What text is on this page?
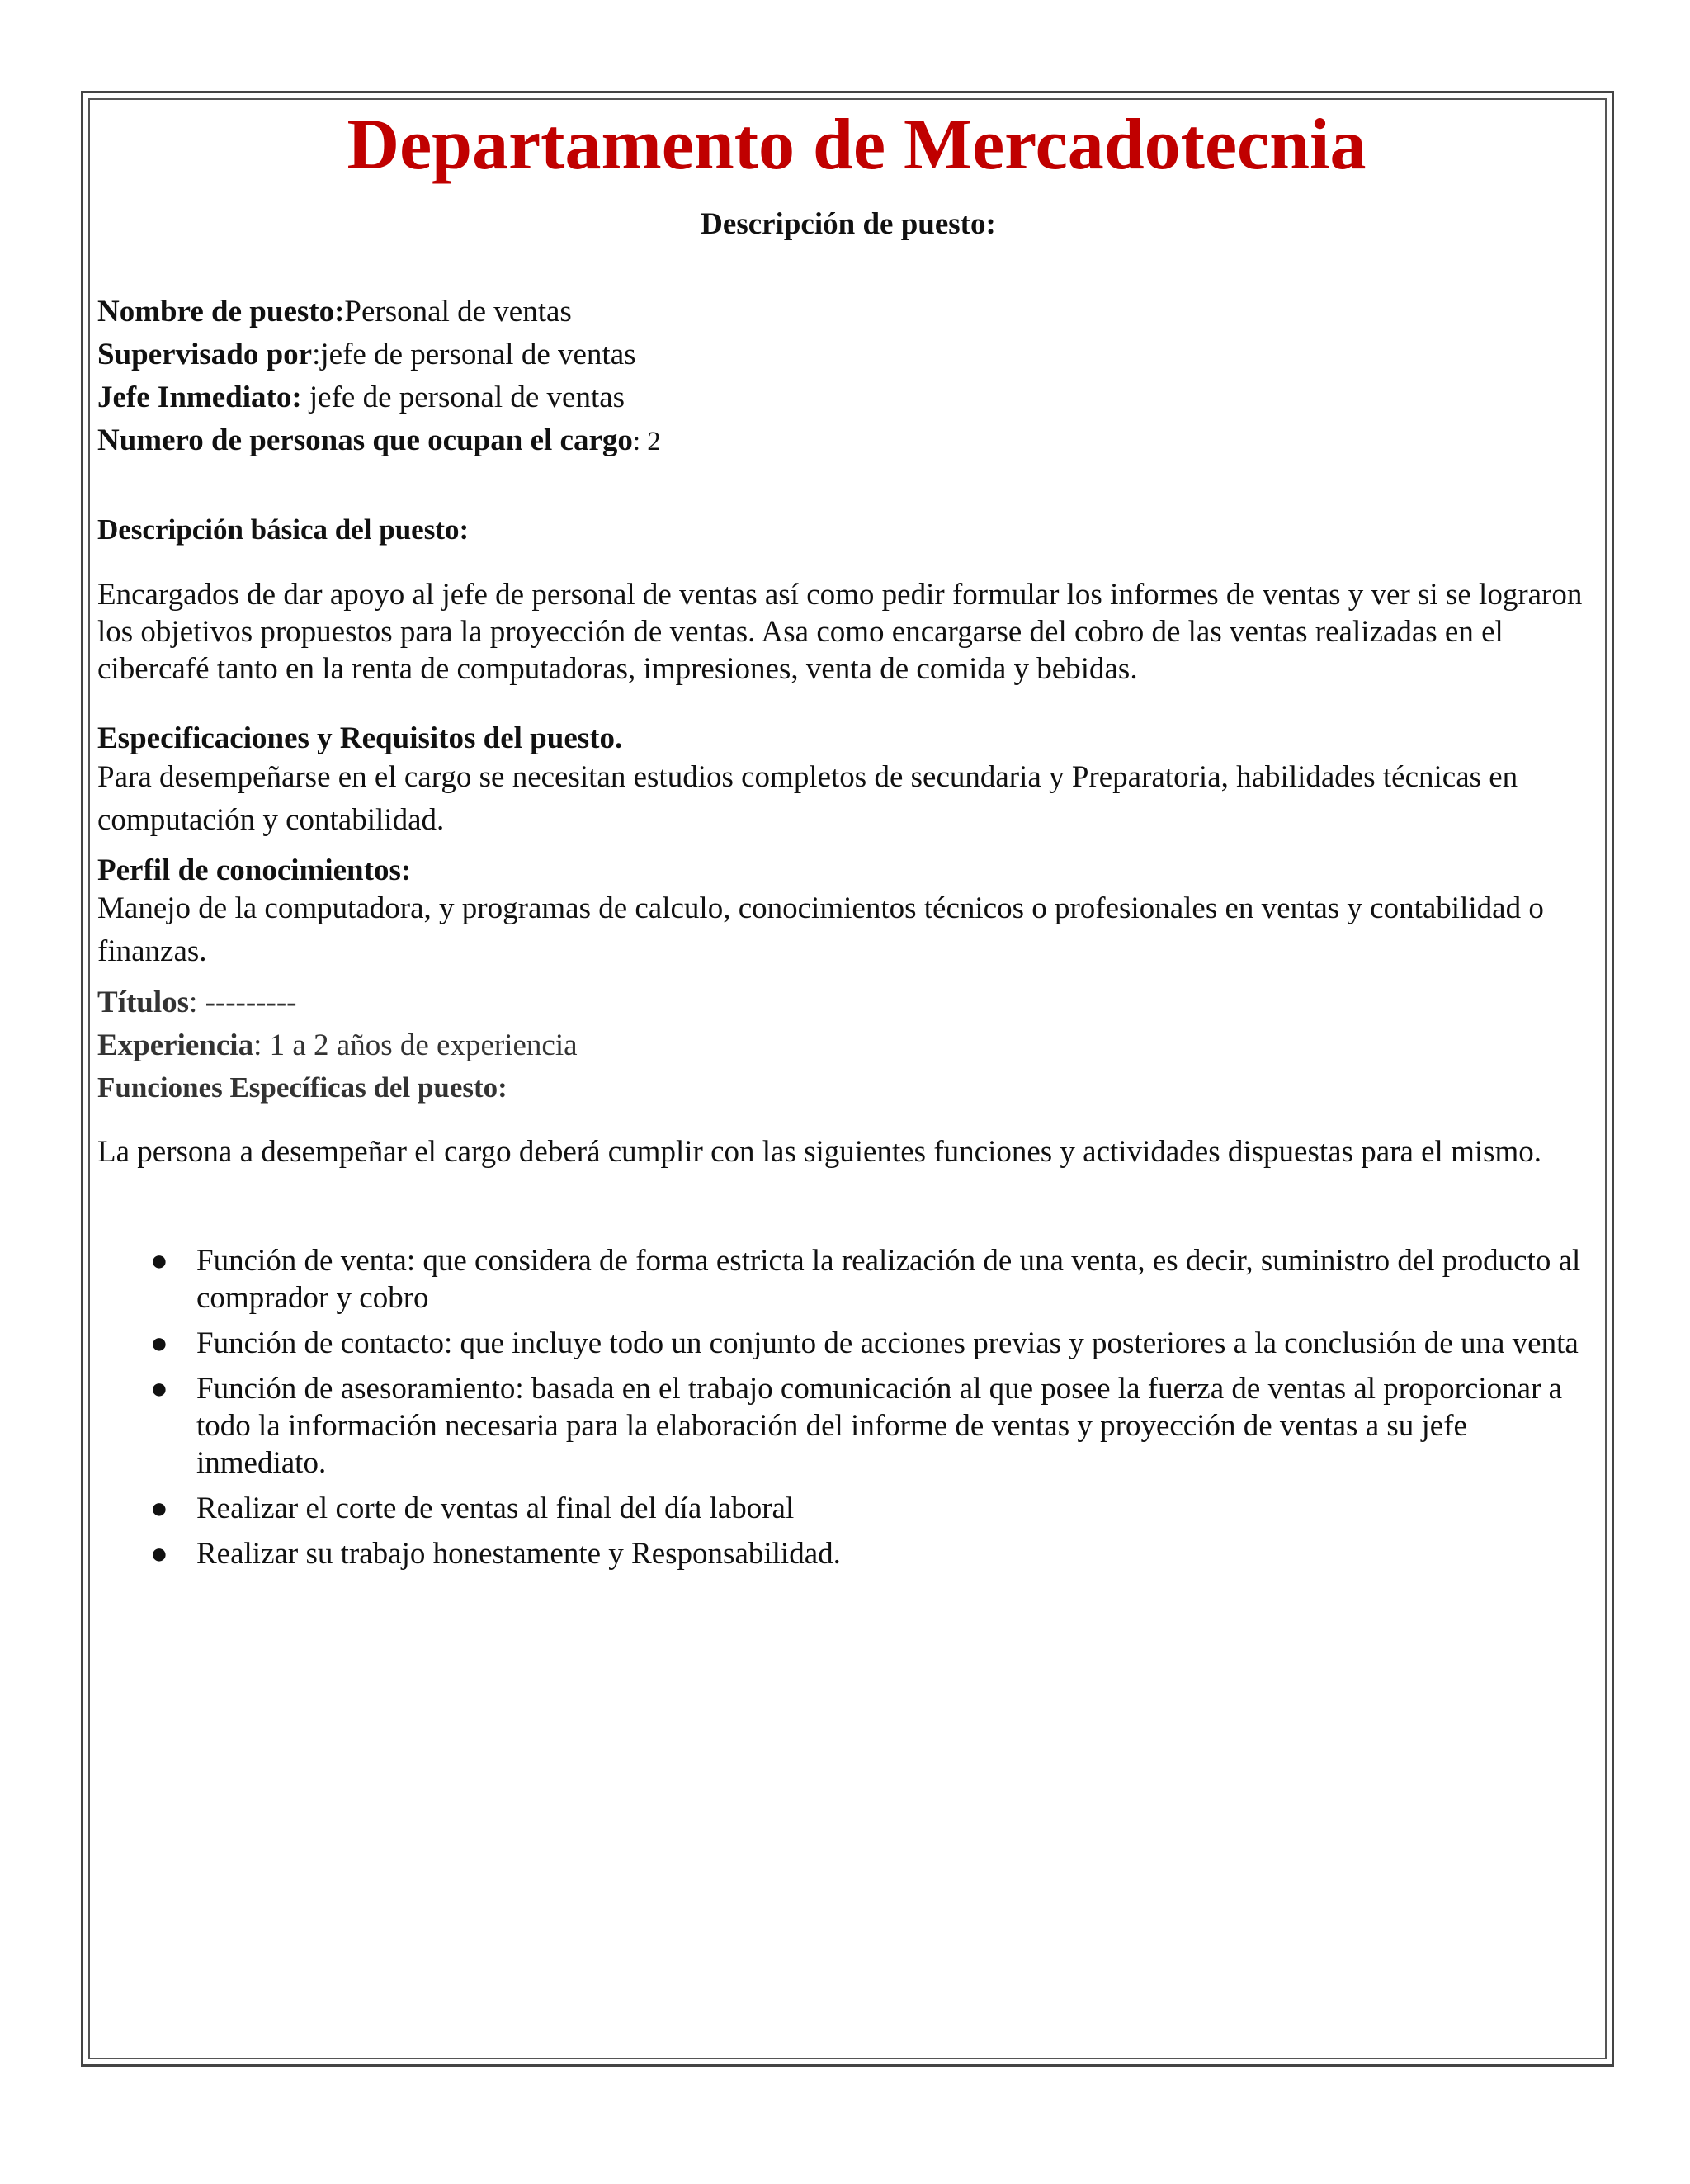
Departamento de Mercadotecnia
Descripción de puesto:
Nombre de puesto:Personal de ventas
Supervisado por:jefe de personal de ventas
Jefe Inmediato: jefe de personal de ventas
Numero de personas que ocupan el cargo: 2
Descripción básica del puesto:
Encargados de dar apoyo al jefe de personal de ventas así como pedir formular los informes de ventas y ver si se lograron los objetivos propuestos para la proyección de ventas. Asa como encargarse del cobro de las ventas realizadas en el cibercafé tanto en la renta de computadoras, impresiones, venta de comida y bebidas.
Especificaciones y Requisitos del puesto.
Para desempeñarse en el cargo se necesitan estudios completos de secundaria y Preparatoria, habilidades técnicas en computación y contabilidad.
Perfil de conocimientos:
Manejo de la computadora, y programas de calculo, conocimientos técnicos o profesionales en ventas y contabilidad o finanzas.
Títulos: ---------
Experiencia: 1 a 2 años de experiencia
Funciones Específicas del puesto:
La persona a desempeñar el cargo deberá cumplir con las siguientes funciones y actividades dispuestas para el mismo.
● Función de venta: que considera de forma estricta la realización de una venta, es decir, suministro del producto al comprador y cobro
● Función de contacto: que incluye todo un conjunto de acciones previas y posteriores a la conclusión de una venta
● Función de asesoramiento: basada en el trabajo comunicación al que posee la fuerza de ventas al proporcionar a todo la información necesaria para la elaboración del informe de ventas y proyección de ventas a su jefe inmediato.
● Realizar el corte de ventas al final del día laboral
● Realizar su trabajo honestamente y Responsabilidad.
